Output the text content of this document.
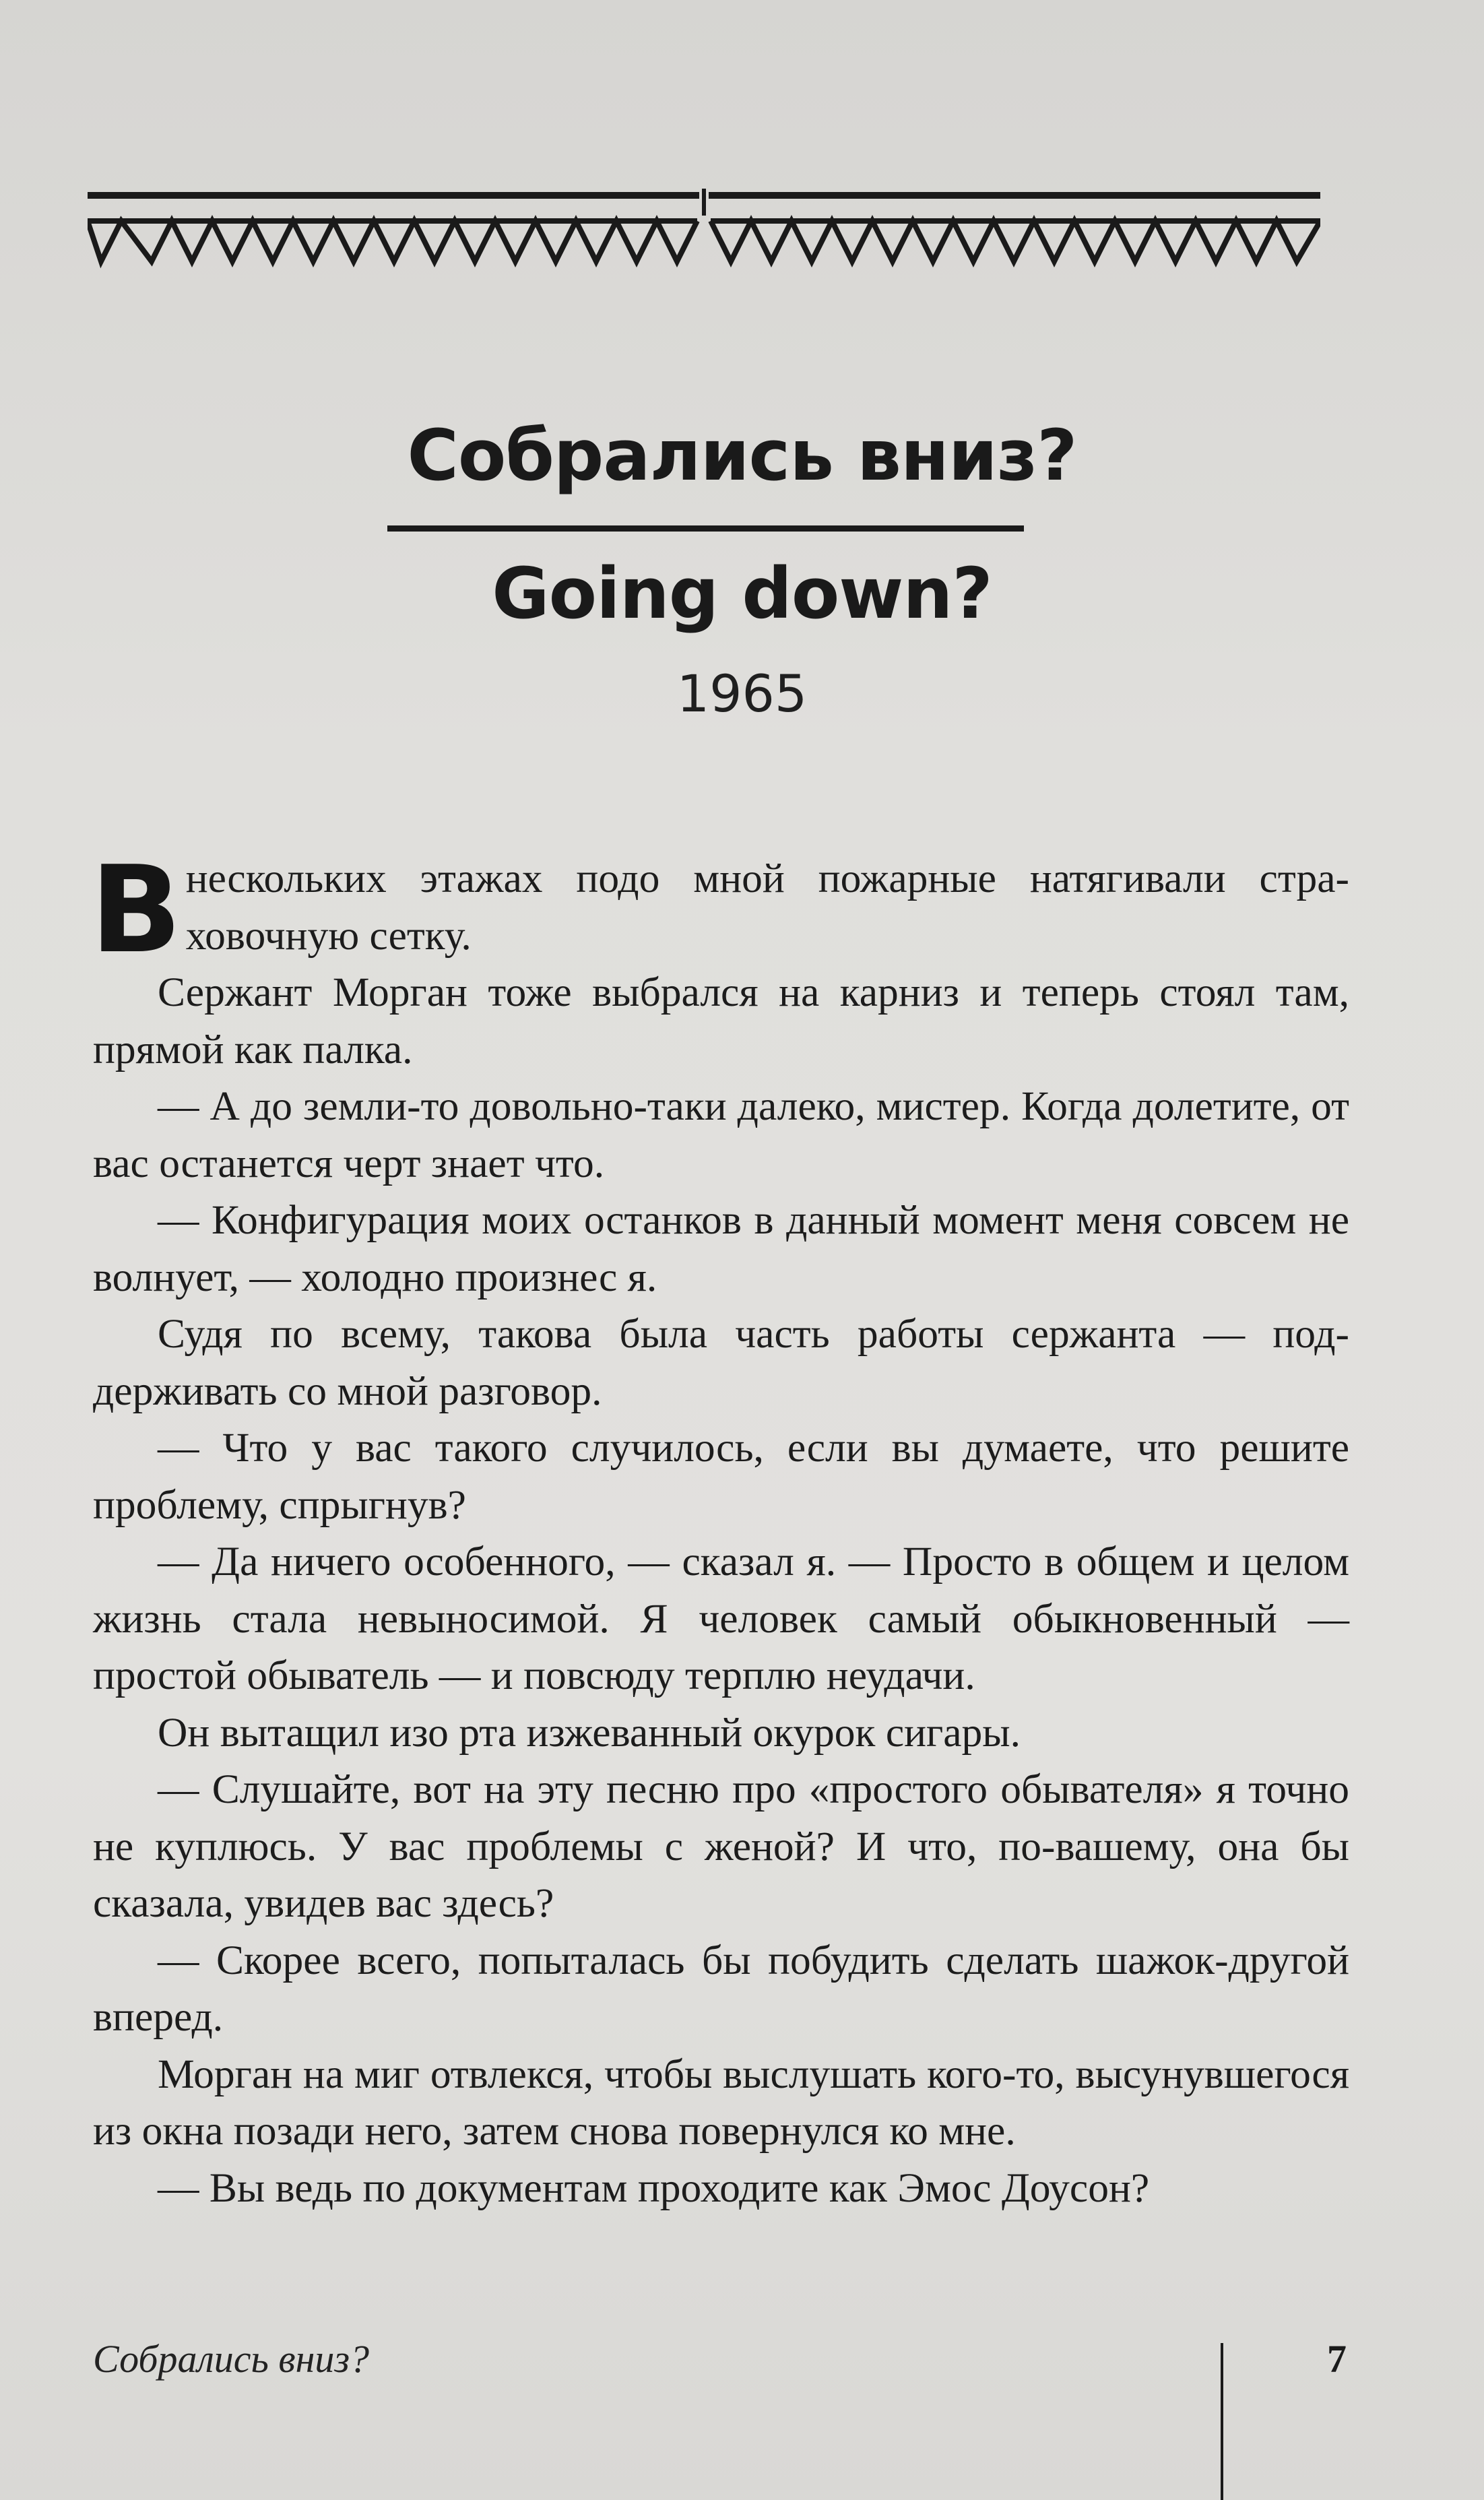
Собрались вниз?
Going down?
1965

Внескольких этажах подо мной пожарные натягивали страховочную сетку.

Сержант Морган тоже выбрался на карниз и теперь стоял там, прямой как палка.

— А до земли-то довольно-таки далеко, мистер. Когда долетите, от вас останется черт знает что.

— Конфигурация моих останков в данный момент меня совсем не волнует, — холодно произнес я.

Судя по всему, такова была часть работы сержанта — поддерживать со мной разговор.

— Что у вас такого случилось, если вы думаете, что решите проблему, спрыгнув?

— Да ничего особенного, — сказал я. — Просто в общем и целом жизнь стала невыносимой. Я человек самый обыкновенный — простой обыватель — и повсюду терплю неудачи.

Он вытащил изо рта изжеванный окурок сигары.

— Слушайте, вот на эту песню про «простого обывателя» я точно не куплюсь. У вас проблемы с женой? И что, по-вашему, она бы сказала, увидев вас здесь?

— Скорее всего, попыталась бы побудить сделать шажок-другой вперед.

Морган на миг отвлекся, чтобы выслушать кого-то, высунувшегося из окна позади него, затем снова повернулся ко мне.

— Вы ведь по документам проходите как Эмос Доусон?

Собрались вниз?	7
